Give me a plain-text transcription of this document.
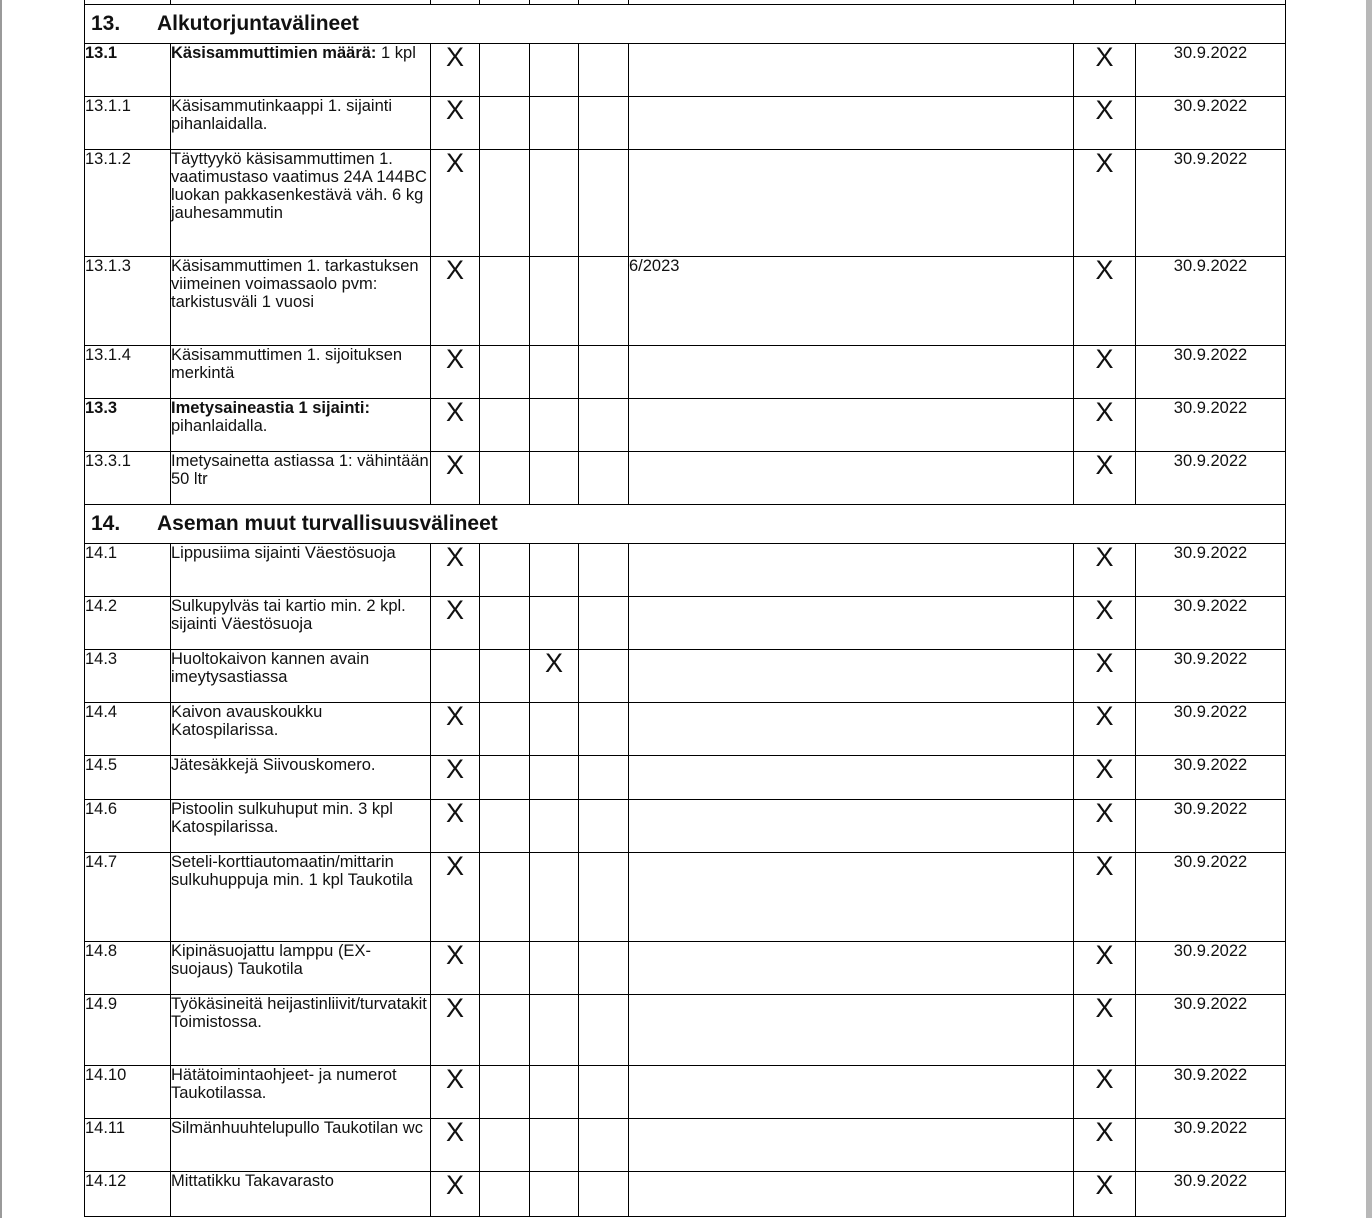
13. Alkutorjuntavälineet								
13.1	Käsisammuttimien määrä: 1 kpl	X					X	30.9.2022
13.1.1	Käsisammutinkaappi 1. sijainti pihanlaidalla.	X					X	30.9.2022
13.1.2	Täyttyykö käsisammuttimen 1. vaatimustaso vaatimus 24A 144BC luokan pakkasenkestävä väh. 6 kg jauhesammutin	X					X	30.9.2022
13.1.3	Käsisammuttimen 1. tarkastuksen viimeinen voimassaolo pvm: tarkistusväli 1 vuosi	X				6/2023	X	30.9.2022
13.1.4	Käsisammuttimen 1. sijoituksen merkintä	X					X	30.9.2022
13.3	Imetysaineastia 1 sijainti: pihanlaidalla.	X					X	30.9.2022
13.3.1	Imetysainetta astiassa 1: vähintään 50 ltr	X					X	30.9.2022
14. Aseman muut turvallisuusvälineet								
14.1	Lippusiima sijainti Väestösuoja	X					X	30.9.2022
14.2	Sulkupylväs tai kartio min. 2 kpl. sijainti Väestösuoja	X					X	30.9.2022
14.3	Huoltokaivon kannen avain imeytysastiassa			X			X	30.9.2022
14.4	Kaivon avauskoukku Katospilarissa.	X					X	30.9.2022
14.5	Jätesäkkejä Siivouskomero.	X					X	30.9.2022
14.6	Pistoolin sulkuhuput min. 3 kpl Katospilarissa.	X					X	30.9.2022
14.7	Seteli-korttiautomaatin/mittarin sulkuhuppuja min. 1 kpl Taukotila	X					X	30.9.2022
14.8	Kipinäsuojattu lamppu (EX-suojaus) Taukotila	X					X	30.9.2022
14.9	Työkäsineitä heijastinliivit/turvatakit Toimistossa.	X					X	30.9.2022
14.10	Hätätoimintaohjeet- ja numerot Taukotilassa.	X					X	30.9.2022
14.11	Silmänhuuhtelupullo Taukotilan wc	X					X	30.9.2022
14.12	Mittatikku Takavarasto	X					X	30.9.2022
